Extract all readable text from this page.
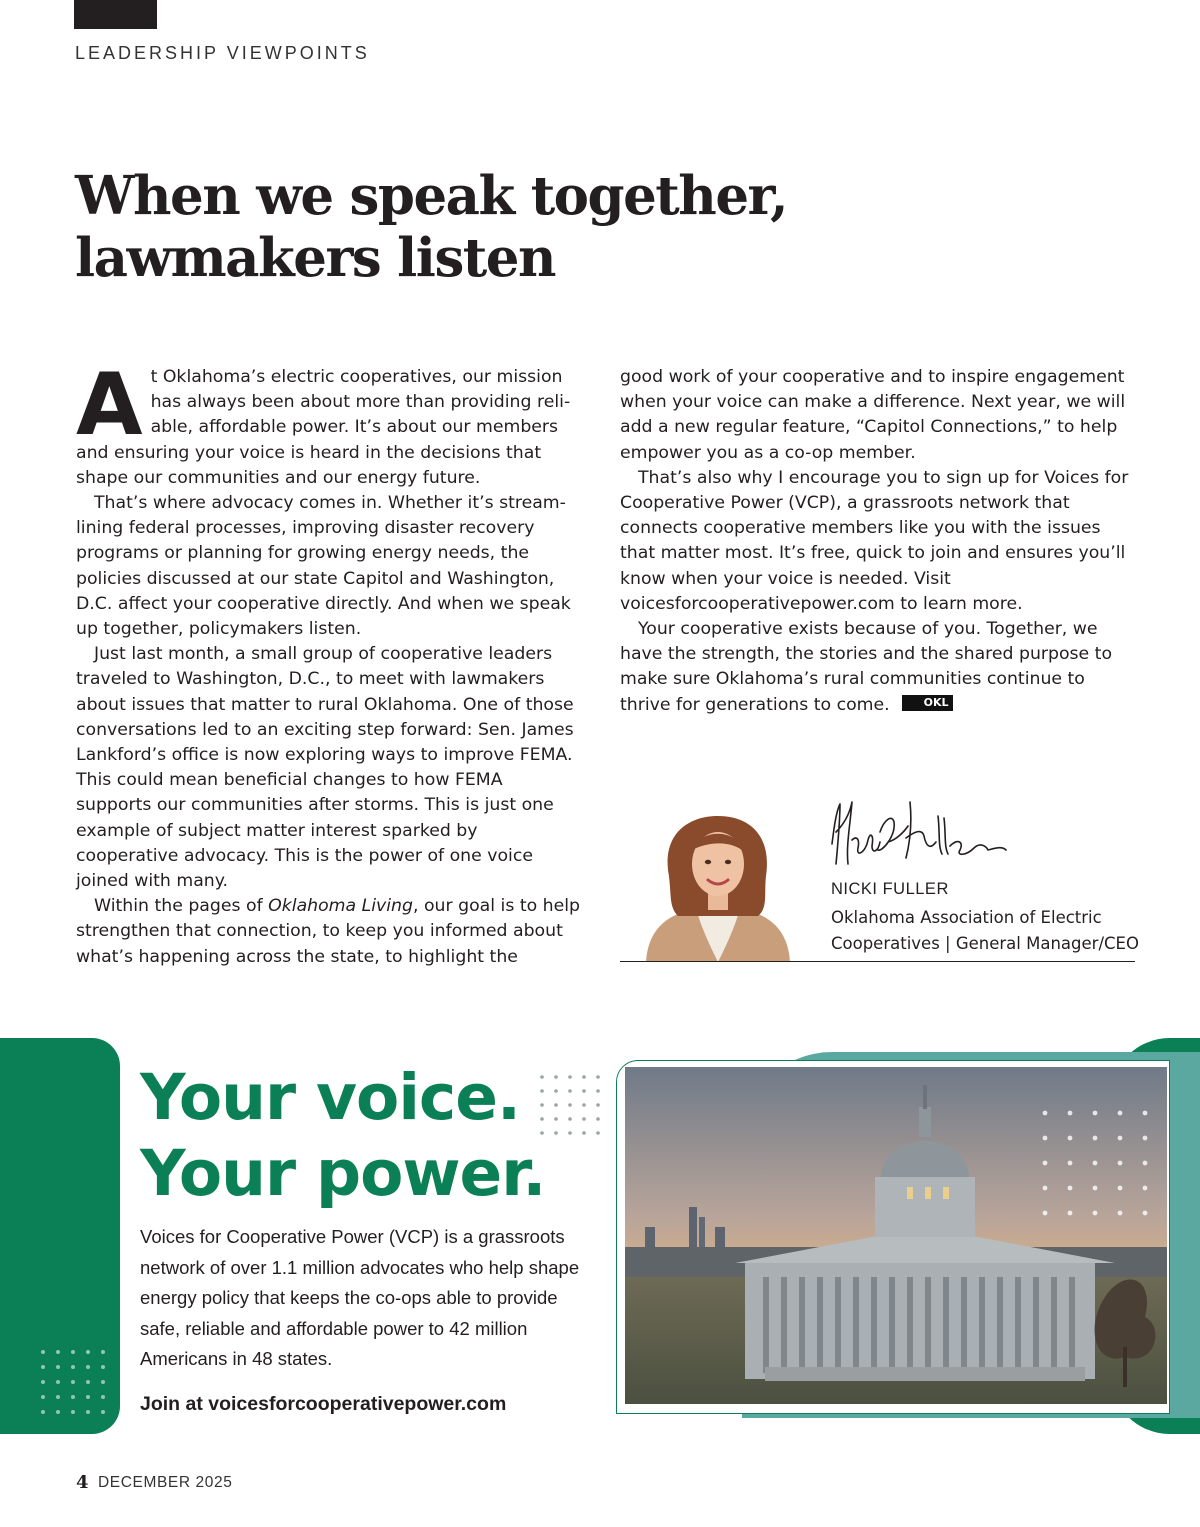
LEADERSHIP VIEWPOINTS
When we speak together,
lawmakers listen

At Oklahoma’s electric cooperatives, our mission has always been about more than providing reliable, affordable power. It’s about our members and ensuring your voice is heard in the decisions that shape our communities and our energy future.

That’s where advocacy comes in. Whether it’s streamlining federal processes, improving disaster recovery programs or planning for growing energy needs, the policies discussed at our state Capitol and Washington, D.C. affect your cooperative directly. And when we speak up together, policymakers listen.

Just last month, a small group of cooperative leaders traveled to Washington, D.C., to meet with lawmakers about issues that matter to rural Oklahoma. One of those conversations led to an exciting step forward: Sen. James Lankford’s office is now exploring ways to improve FEMA. This could mean beneficial changes to how FEMA supports our communities after storms. This is just one example of subject matter interest sparked by cooperative advocacy. This is the power of one voice joined with many.

Within the pages of Oklahoma Living, our goal is to help strengthen that connection, to keep you informed about what’s happening across the state, to highlight the

NICKI FULLER
Oklahoma Association of Electric
Cooperatives | General Manager/CEO
Your voice.
Your power.

Voices for Cooperative Power (VCP) is a grassroots network of over 1.1 million advocates who help shape energy policy that keeps the co-ops able to provide safe, reliable and affordable power to 42 million Americans in 48 states.

Join at voicesforcooperativepower.com
4 DECEMBER 2025

good work of your cooperative and to inspire engagement when your voice can make a difference. Next year, we will add a new regular feature, “Capitol Connections,” to help empower you as a co-op member.

That’s also why I encourage you to sign up for Voices for Cooperative Power (VCP), a grassroots network that connects cooperative members like you with the issues that matter most. It’s free, quick to join and ensures you’ll know when your voice is needed. Visit voicesforcooperativepower.com to learn more.

Your cooperative exists because of you. Together, we have the strength, the stories and the shared purpose to make sure Oklahoma’s rural communities continue to thrive for generations to come.	OKL
